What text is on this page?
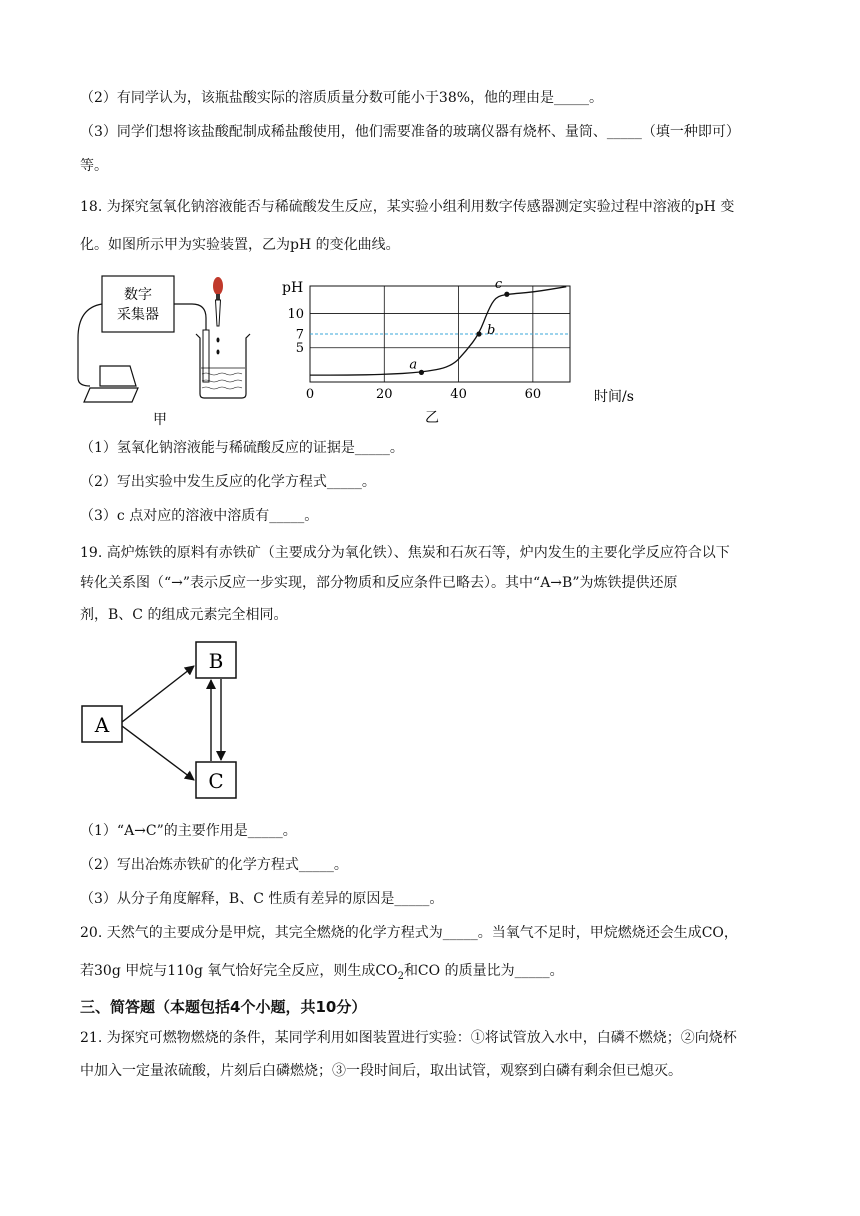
（2）有同学认为，该瓶盐酸实际的溶质质量分数可能小于38%，他的理由是_____。
（3）同学们想将该盐酸配制成稀盐酸使用，他们需要准备的玻璃仪器有烧杯、量筒、_____（填一种即可）
等。
18. 为探究氢氧化钠溶液能否与稀硫酸发生反应，某实验小组利用数字传感器测定实验过程中溶液的pH 变
化。如图所示甲为实验装置，乙为pH 的变化曲线。
数字
采集器
甲
0	20	40	60
5
7
10
a
b
c
pH
时间/s
乙
（1）氢氧化钠溶液能与稀硫酸反应的证据是_____。
（2）写出实验中发生反应的化学方程式_____。
（3）c 点对应的溶液中溶质有_____。
19. 高炉炼铁的原料有赤铁矿（主要成分为氧化铁）、焦炭和石灰石等，炉内发生的主要化学反应符合以下
转化关系图（“→”表示反应一步实现，部分物质和反应条件已略去）。其中“A→B”为炼铁提供还原
剂，B、C 的组成元素完全相同。
A
B
C
（1）“A→C”的主要作用是_____。
（2）写出冶炼赤铁矿的化学方程式_____。
（3）从分子角度解释，B、C 性质有差异的原因是_____。
20. 天然气的主要成分是甲烷，其完全燃烧的化学方程式为_____。当氧气不足时，甲烷燃烧还会生成CO，
若30g 甲烷与110g 氧气恰好完全反应，则生成$CO_2$和CO 的质量比为_____。
三、简答题（本题包括4个小题，共10分）
21. 为探究可燃物燃烧的条件，某同学利用如图装置进行实验：①将试管放入水中，白磷不燃烧；②向烧杯
中加入一定量浓硫酸，片刻后白磷燃烧；③一段时间后，取出试管，观察到白磷有剩余但已熄灭。
